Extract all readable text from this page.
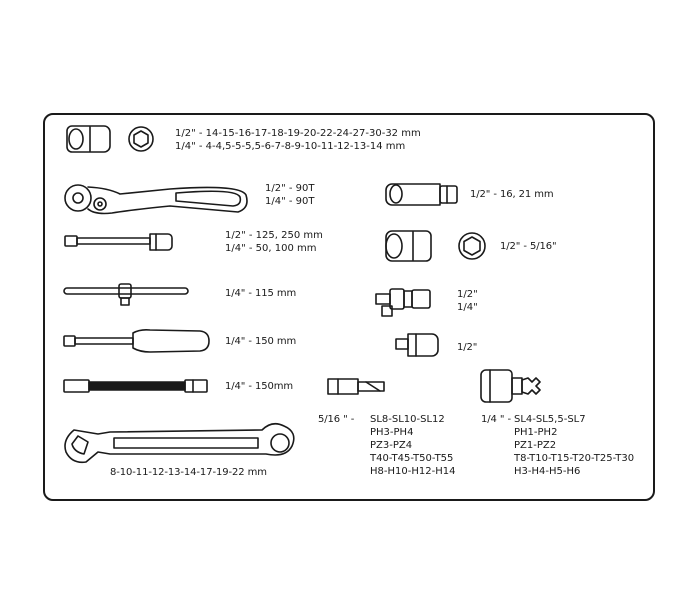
1/2" - 14-15-16-17-18-19-20-22-24-27-30-32 mm
1/4" - 4-4,5-5-5,5-6-7-8-9-10-11-12-13-14 mm
1/2" - 90T
1/4" - 90T
1/2" - 125, 250 mm
1/4" - 50, 100 mm
1/4" - 115 mm
1/4" - 150 mm
1/4" - 150mm
8-10-11-12-13-14-17-19-22 mm
1/2" - 16, 21 mm
1/2" - 5/16"
1/2"
1/4"
1/2"
5/16 " - SL8-SL10-SL12
PH3-PH4
PZ3-PZ4
T40-T45-T50-T55
H8-H10-H12-H14
1/4 " - SL4-SL5,5-SL7
PH1-PH2
PZ1-PZ2
T8-T10-T15-T20-T25-T30
H3-H4-H5-H6
